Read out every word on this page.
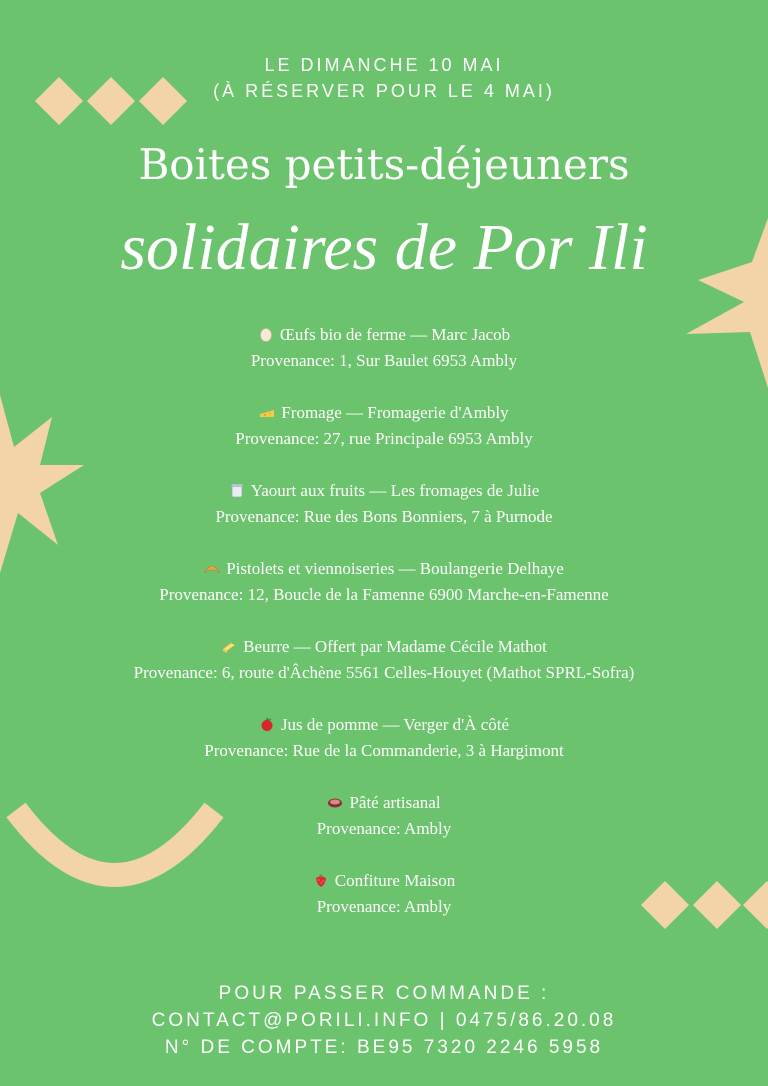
LE DIMANCHE 10 MAI
(À RÉSERVER POUR LE 4 MAI)
Boites petits-déjeuners
solidaires de Por Ili
Œufs bio de ferme — Marc Jacob
Provenance: 1, Sur Baulet 6953 Ambly
Fromage — Fromagerie d'Ambly
Provenance: 27, rue Principale 6953 Ambly
Yaourt aux fruits — Les fromages de Julie
Provenance: Rue des Bons Bonniers, 7 à Purnode
Pistolets et viennoiseries — Boulangerie Delhaye
Provenance: 12, Boucle de la Famenne 6900 Marche-en-Famenne
Beurre — Offert par Madame Cécile Mathot
Provenance: 6, route d'Âchène 5561 Celles-Houyet (Mathot SPRL-Sofra)
Jus de pomme — Verger d'À côté
Provenance: Rue de la Commanderie, 3 à Hargimont
Pâté artisanal
Provenance: Ambly
Confiture Maison
Provenance: Ambly
POUR PASSER COMMANDE :
CONTACT@PORILI.INFO | 0475/86.20.08
N° DE COMPTE: BE95 7320 2246 5958
